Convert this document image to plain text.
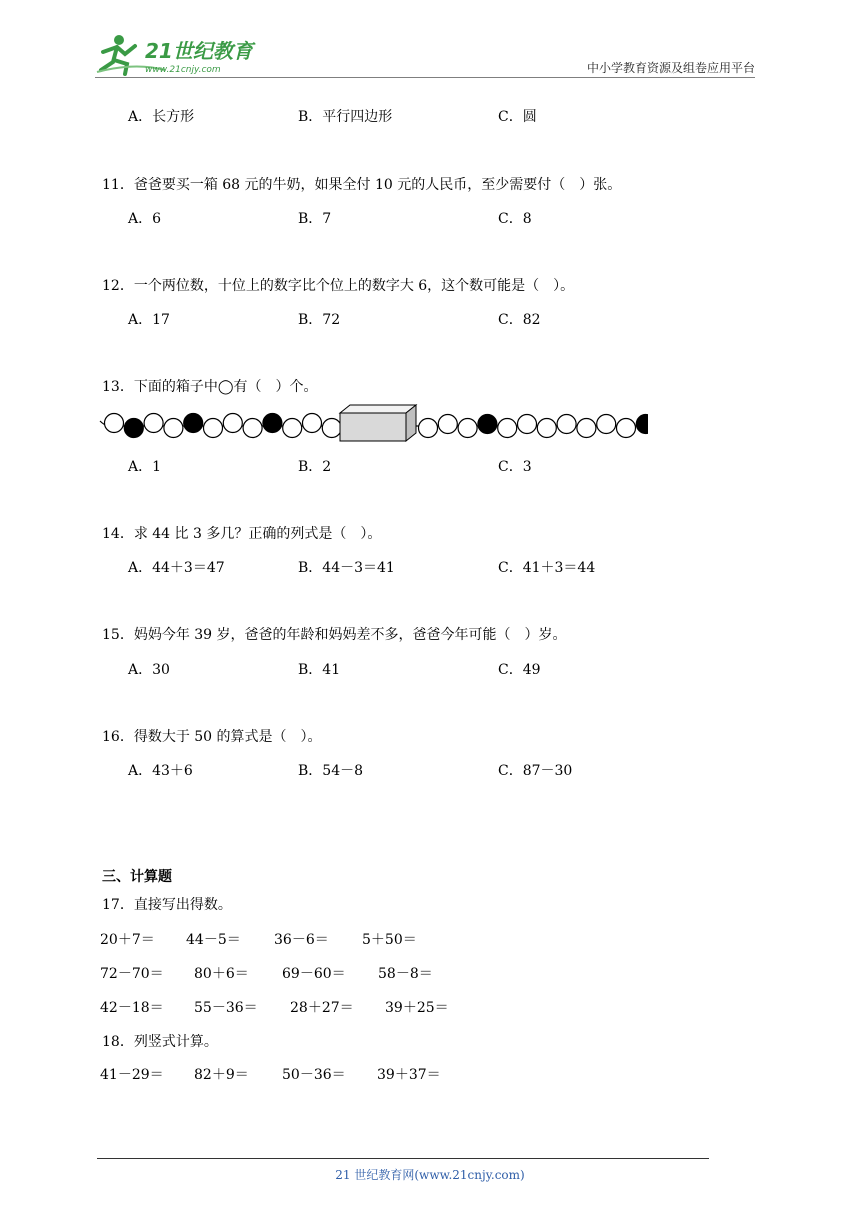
21世纪教育
www.21cnjy.com	中小学教育资源及组卷应用平台
A．长方形	B．平行四边形	C．圆
11．爸爸要买一箱 68 元的牛奶，如果全付 10 元的人民币，至少需要付（　）张。
A．6	B．7	C．8
12．一个两位数，十位上的数字比个位上的数字大 6，这个数可能是（　）。
A．17	B．72	C．82
13．下面的箱子中◯有（　）个。
A．1	B．2	C．3
14．求 44 比 3 多几？正确的列式是（　）。
A．44＋3＝47	B．44－3＝41	C．41＋3＝44
15．妈妈今年 39 岁，爸爸的年龄和妈妈差不多，爸爸今年可能（　）岁。
A．30	B．41	C．49
16．得数大于 50 的算式是（　）。
A．43＋6	B．54－8	C．87－30
三、计算题
17．直接写出得数。
20＋7＝ 44－5＝ 36－6＝ 5＋50＝
72－70＝ 80＋6＝ 69－60＝ 58－8＝
42－18＝ 55－36＝ 28＋27＝ 39＋25＝
18．列竖式计算。
41－29＝ 82＋9＝ 50－36＝ 39＋37＝
21 世纪教育网(www.21cnjy.com)
